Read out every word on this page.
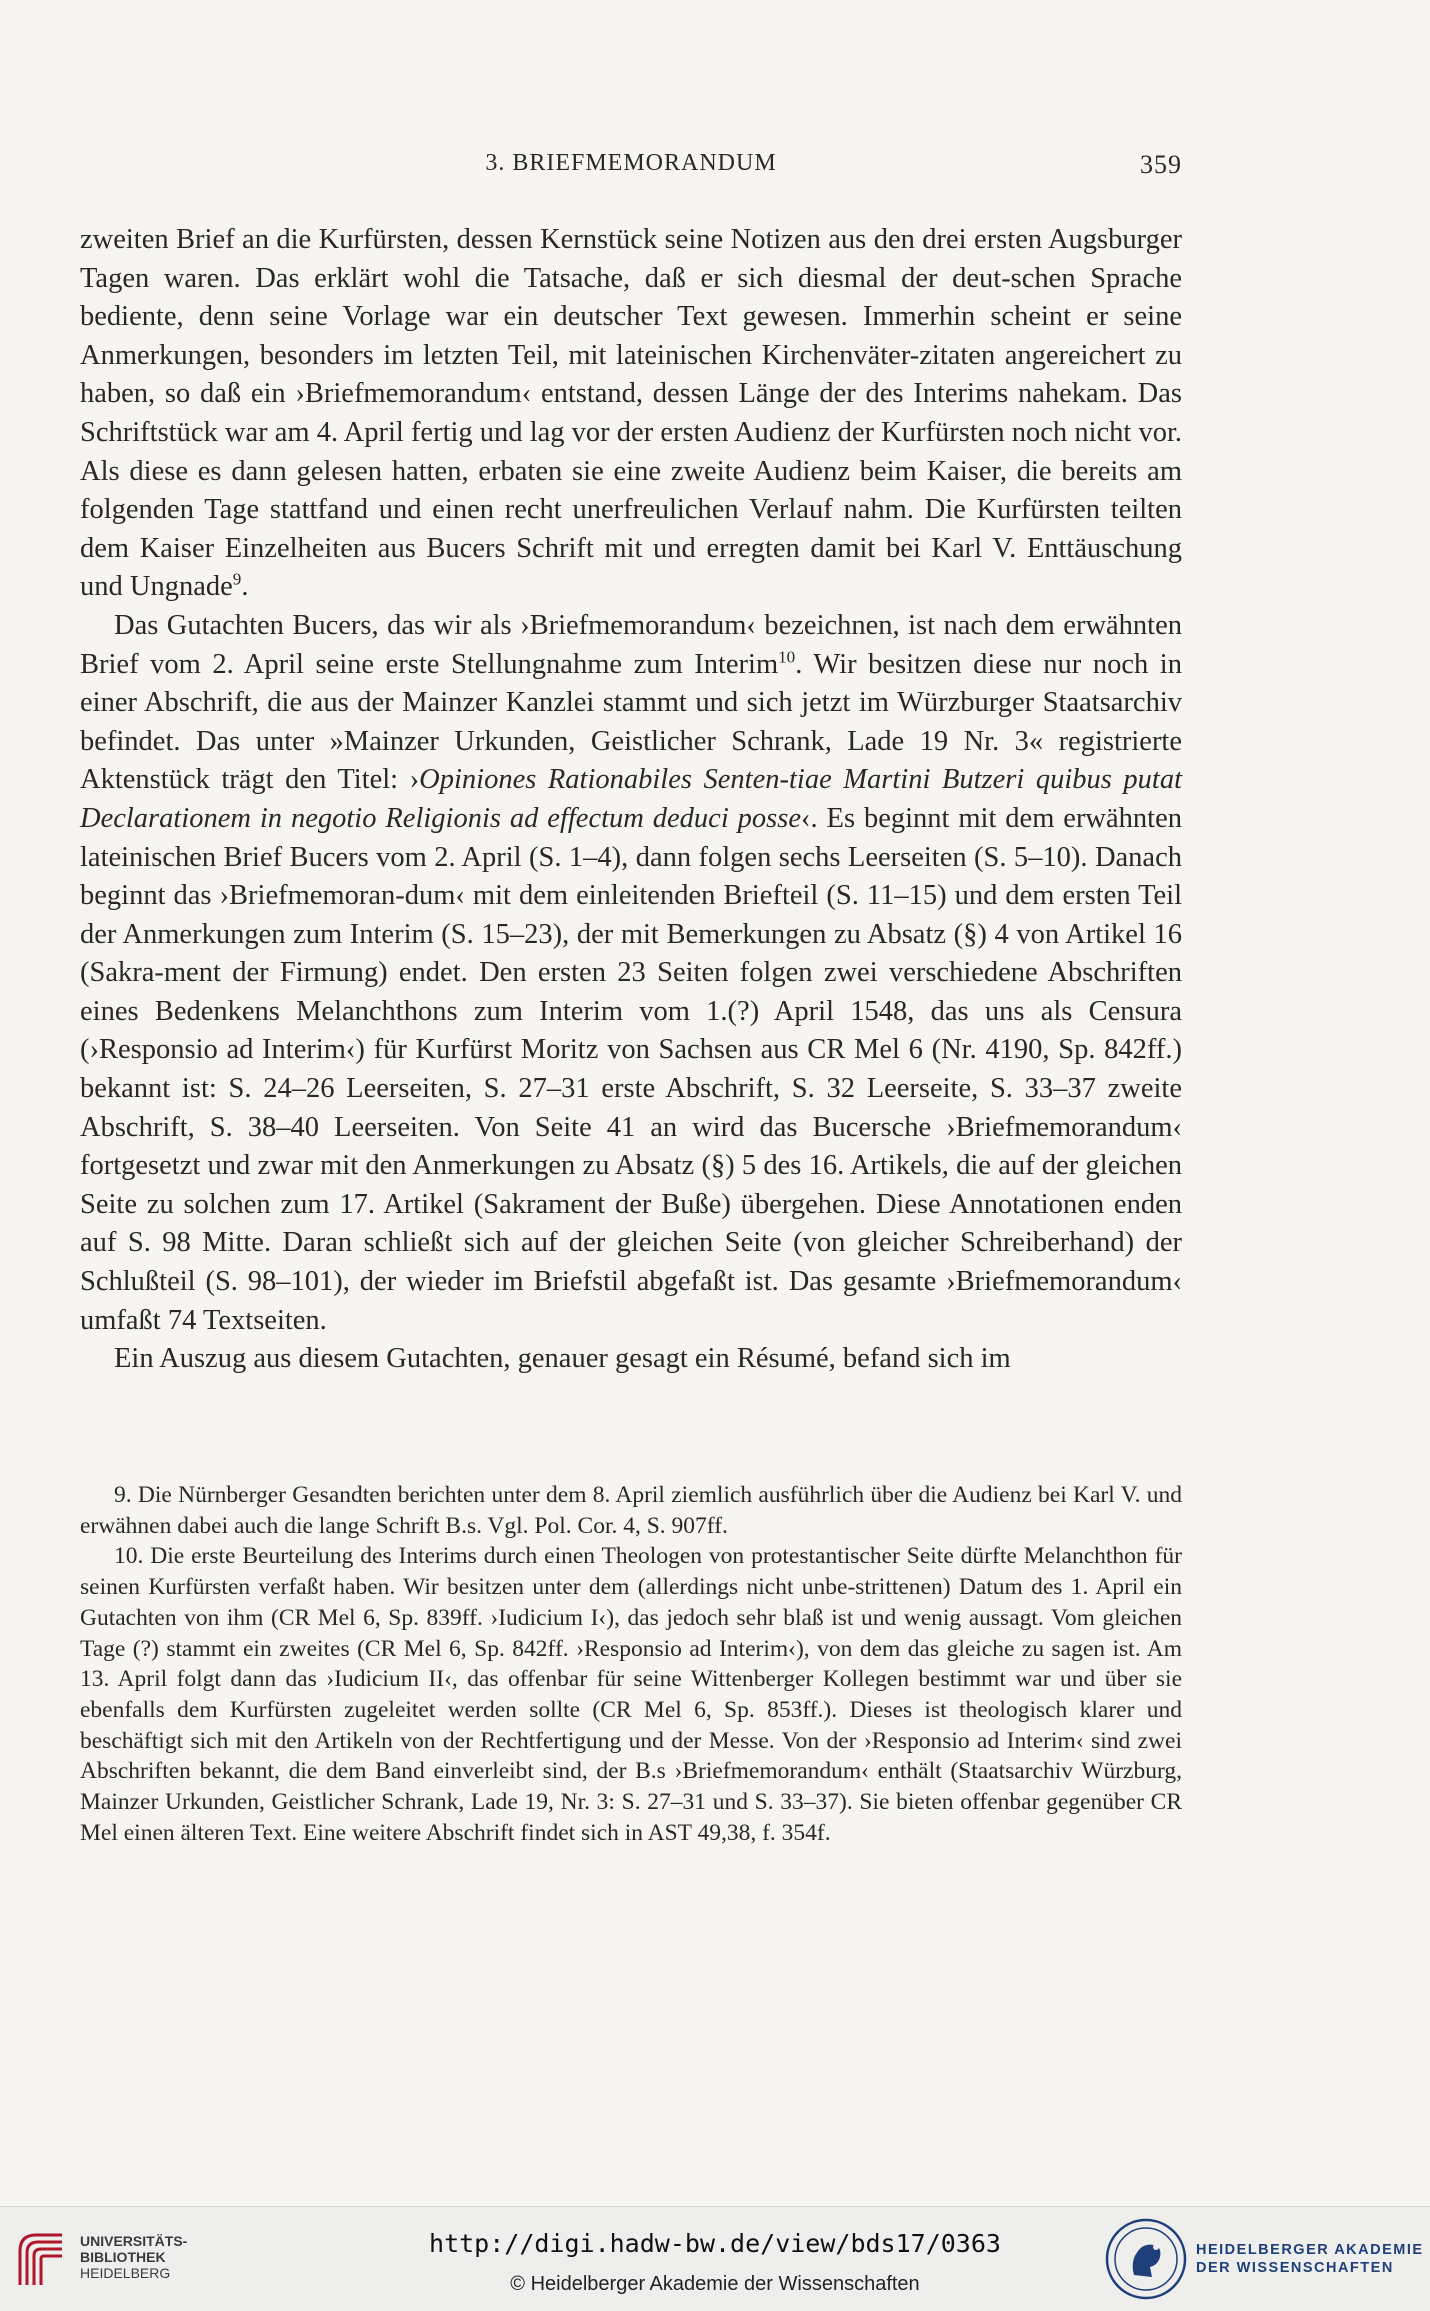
3. BRIEFMEMORANDUM	359

zweiten Brief an die Kurfürsten, dessen Kernstück seine Notizen aus den drei ersten Augsburger Tagen waren. Das erklärt wohl die Tatsache, daß er sich diesmal der deut-schen Sprache bediente, denn seine Vorlage war ein deutscher Text gewesen. Immerhin scheint er seine Anmerkungen, besonders im letzten Teil, mit lateinischen Kirchenväter-zitaten angereichert zu haben, so daß ein ›Briefmemorandum‹ entstand, dessen Länge der des Interims nahekam. Das Schriftstück war am 4. April fertig und lag vor der ersten Audienz der Kurfürsten noch nicht vor. Als diese es dann gelesen hatten, erbaten sie eine zweite Audienz beim Kaiser, die bereits am folgenden Tage stattfand und einen recht unerfreulichen Verlauf nahm. Die Kurfürsten teilten dem Kaiser Einzelheiten aus Bucers Schrift mit und erregten damit bei Karl V. Enttäuschung und Ungnade$^9$.

Das Gutachten Bucers, das wir als ›Briefmemorandum‹ bezeichnen, ist nach dem erwähnten Brief vom 2. April seine erste Stellungnahme zum Interim$^{10}$. Wir besitzen diese nur noch in einer Abschrift, die aus der Mainzer Kanzlei stammt und sich jetzt im Würzburger Staatsarchiv befindet. Das unter »Mainzer Urkunden, Geistlicher Schrank, Lade 19 Nr. 3« registrierte Aktenstück trägt den Titel: ›Opiniones Rationabiles Senten-tiae Martini Butzeri quibus putat Declarationem in negotio Religionis ad effectum deduci posse‹. Es beginnt mit dem erwähnten lateinischen Brief Bucers vom 2. April (S. 1–4), dann folgen sechs Leerseiten (S. 5–10). Danach beginnt das ›Briefmemoran-dum‹ mit dem einleitenden Briefteil (S. 11–15) und dem ersten Teil der Anmerkungen zum Interim (S. 15–23), der mit Bemerkungen zu Absatz (§) 4 von Artikel 16 (Sakra-ment der Firmung) endet. Den ersten 23 Seiten folgen zwei verschiedene Abschriften eines Bedenkens Melanchthons zum Interim vom 1.(?) April 1548, das uns als Censura (›Responsio ad Interim‹) für Kurfürst Moritz von Sachsen aus CR Mel 6 (Nr. 4190, Sp. 842ff.) bekannt ist: S. 24–26 Leerseiten, S. 27–31 erste Abschrift, S. 32 Leerseite, S. 33–37 zweite Abschrift, S. 38–40 Leerseiten. Von Seite 41 an wird das Bucersche ›Briefmemorandum‹ fortgesetzt und zwar mit den Anmerkungen zu Absatz (§) 5 des 16. Artikels, die auf der gleichen Seite zu solchen zum 17. Artikel (Sakrament der Buße) übergehen. Diese Annotationen enden auf S. 98 Mitte. Daran schließt sich auf der gleichen Seite (von gleicher Schreiberhand) der Schlußteil (S. 98–101), der wieder im Briefstil abgefaßt ist. Das gesamte ›Briefmemorandum‹ umfaßt 74 Textseiten.

Ein Auszug aus diesem Gutachten, genauer gesagt ein Résumé, befand sich im

9. Die Nürnberger Gesandten berichten unter dem 8. April ziemlich ausführlich über die Audienz bei Karl V. und erwähnen dabei auch die lange Schrift B.s. Vgl. Pol. Cor. 4, S. 907ff.

10. Die erste Beurteilung des Interims durch einen Theologen von protestantischer Seite dürfte Melanchthon für seinen Kurfürsten verfaßt haben. Wir besitzen unter dem (allerdings nicht unbe-strittenen) Datum des 1. April ein Gutachten von ihm (CR Mel 6, Sp. 839ff. ›Iudicium I‹), das jedoch sehr blaß ist und wenig aussagt. Vom gleichen Tage (?) stammt ein zweites (CR Mel 6, Sp. 842ff. ›Responsio ad Interim‹), von dem das gleiche zu sagen ist. Am 13. April folgt dann das ›Iudicium II‹, das offenbar für seine Wittenberger Kollegen bestimmt war und über sie ebenfalls dem Kurfürsten zugeleitet werden sollte (CR Mel 6, Sp. 853ff.). Dieses ist theologisch klarer und beschäftigt sich mit den Artikeln von der Rechtfertigung und der Messe. Von der ›Responsio ad Interim‹ sind zwei Abschriften bekannt, die dem Band einverleibt sind, der B.s ›Briefmemorandum‹ enthält (Staatsarchiv Würzburg, Mainzer Urkunden, Geistlicher Schrank, Lade 19, Nr. 3: S. 27–31 und S. 33–37). Sie bieten offenbar gegenüber CR Mel einen älteren Text. Eine weitere Abschrift findet sich in AST 49,38, f. 354f.

UNIVERSITÄTS-
BIBLIOTHEK
HEIDELBERG
http://digi.hadw-bw.de/view/bds17/0363
© Heidelberger Akademie der Wissenschaften
HEIDELBERGER AKADEMIE
DER WISSENSCHAFTEN
